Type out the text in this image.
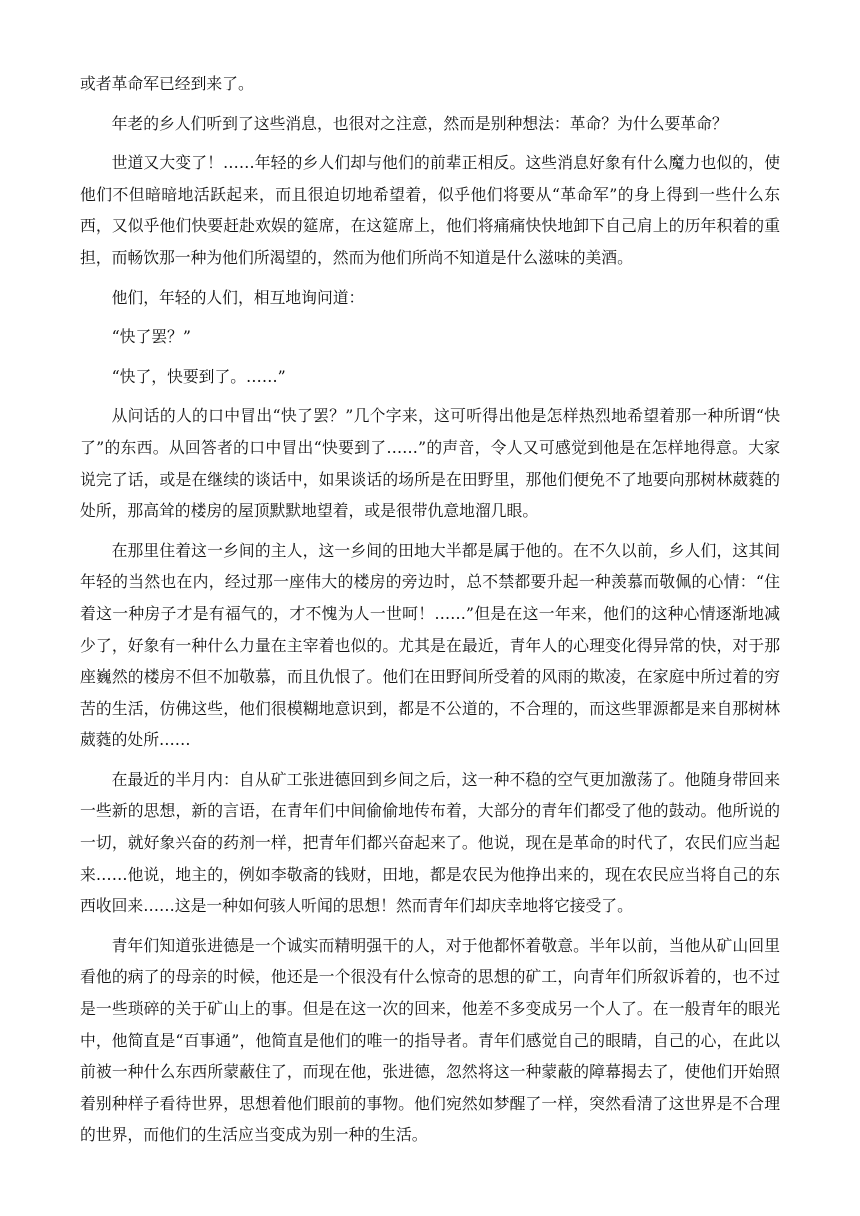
或者革命军已经到来了。

年老的乡人们听到了这些消息，也很对之注意，然而是别种想法：革命？为什么要革命？

世道又大变了！……年轻的乡人们却与他们的前辈正相反。这些消息好象有什么魔力也似的，使他们不但暗暗地活跃起来，而且很迫切地希望着，似乎他们将要从“革命军”的身上得到一些什么东西，又似乎他们快要赶赴欢娱的筵席，在这筵席上，他们将痛痛快快地卸下自己肩上的历年积着的重担，而畅饮那一种为他们所渴望的，然而为他们所尚不知道是什么滋味的美酒。

他们，年轻的人们，相互地询问道：

“快了罢？”

“快了，快要到了。……”

从问话的人的口中冒出“快了罢？”几个字来，这可听得出他是怎样热烈地希望着那一种所谓“快了”的东西。从回答者的口中冒出“快要到了……”的声音，令人又可感觉到他是在怎样地得意。大家说完了话，或是在继续的谈话中，如果谈话的场所是在田野里，那他们便免不了地要向那树林葳蕤的处所，那高耸的楼房的屋顶默默地望着，或是很带仇意地溜几眼。

在那里住着这一乡间的主人，这一乡间的田地大半都是属于他的。在不久以前，乡人们，这其间年轻的当然也在内，经过那一座伟大的楼房的旁边时，总不禁都要升起一种羡慕而敬佩的心情：“住着这一种房子才是有福气的，才不愧为人一世呵！……”但是在这一年来，他们的这种心情逐渐地减少了，好象有一种什么力量在主宰着也似的。尤其是在最近，青年人的心理变化得异常的快，对于那座巍然的楼房不但不加敬慕，而且仇恨了。他们在田野间所受着的风雨的欺凌，在家庭中所过着的穷苦的生活，仿佛这些，他们很模糊地意识到，都是不公道的，不合理的，而这些罪源都是来自那树林葳蕤的处所……

在最近的半月内：自从矿工张进德回到乡间之后，这一种不稳的空气更加激荡了。他随身带回来一些新的思想，新的言语，在青年们中间偷偷地传布着，大部分的青年们都受了他的鼓动。他所说的一切，就好象兴奋的药剂一样，把青年们都兴奋起来了。他说，现在是革命的时代了，农民们应当起来……他说，地主的，例如李敬斋的钱财，田地，都是农民为他挣出来的，现在农民应当将自己的东西收回来……这是一种如何骇人听闻的思想！然而青年们却庆幸地将它接受了。

青年们知道张进德是一个诚实而精明强干的人，对于他都怀着敬意。半年以前，当他从矿山回里看他的病了的母亲的时候，他还是一个很没有什么惊奇的思想的矿工，向青年们所叙诉着的，也不过是一些琐碎的关于矿山上的事。但是在这一次的回来，他差不多变成另一个人了。在一般青年的眼光中，他简直是“百事通”，他简直是他们的唯一的指导者。青年们感觉自己的眼睛，自己的心，在此以前被一种什么东西所蒙蔽住了，而现在他，张进德，忽然将这一种蒙蔽的障幕揭去了，使他们开始照着别种样子看待世界，思想着他们眼前的事物。他们宛然如梦醒了一样，突然看清了这世界是不合理的世界，而他们的生活应当变成为别一种的生活。
